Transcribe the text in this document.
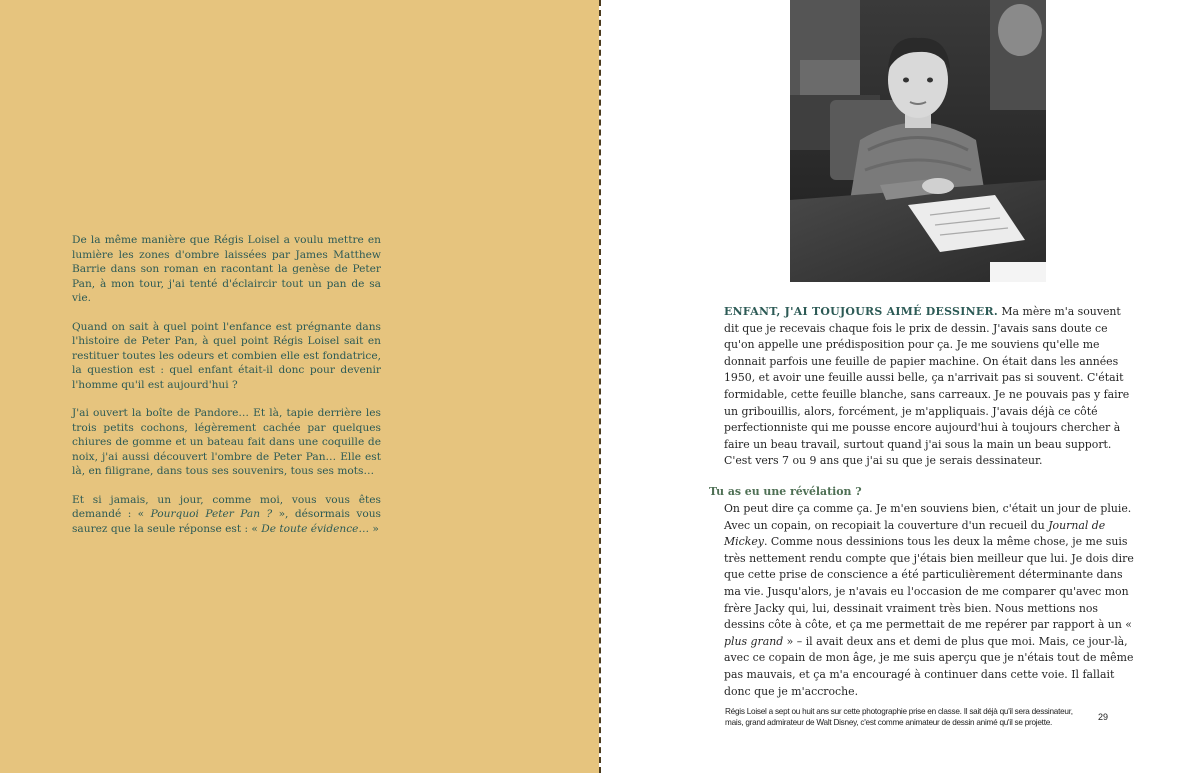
De la même manière que Régis Loisel a voulu mettre en lumière les zones d'ombre laissées par James Matthew Barrie dans son roman en racontant la genèse de Peter Pan, à mon tour, j'ai tenté d'éclaircir tout un pan de sa vie.

Quand on sait à quel point l'enfance est prégnante dans l'histoire de Peter Pan, à quel point Régis Loisel sait en restituer toutes les odeurs et combien elle est fondatrice, la question est : quel enfant était-il donc pour devenir l'homme qu'il est aujourd'hui ?

J'ai ouvert la boîte de Pandore… Et là, tapie derrière les trois petits cochons, légèrement cachée par quelques chiures de gomme et un bateau fait dans une coquille de noix, j'ai aussi découvert l'ombre de Peter Pan… Elle est là, en filigrane, dans tous ses souvenirs, tous ses mots…

Et si jamais, un jour, comme moi, vous vous êtes demandé : « Pourquoi Peter Pan ? », désormais vous saurez que la seule réponse est : « De toute évidence… »

ENFANT, J'AI TOUJOURS AIMÉ DESSINER. Ma mère m'a souvent dit que je recevais chaque fois le prix de dessin. J'avais sans doute ce qu'on appelle une prédisposition pour ça. Je me souviens qu'elle me donnait parfois une feuille de papier machine. On était dans les années 1950, et avoir une feuille aussi belle, ça n'arrivait pas si souvent. C'était formidable, cette feuille blanche, sans carreaux. Je ne pouvais pas y faire un gribouillis, alors, forcément, je m'appliquais. J'avais déjà ce côté perfectionniste qui me pousse encore aujourd'hui à toujours chercher à faire un beau travail, surtout quand j'ai sous la main un beau support. C'est vers 7 ou 9 ans que j'ai su que je serais dessinateur.
Tu as eu une révélation ?
On peut dire ça comme ça. Je m'en souviens bien, c'était un jour de pluie. Avec un copain, on recopiait la couverture d'un recueil du Journal de Mickey. Comme nous dessinions tous les deux la même chose, je me suis très nettement rendu compte que j'étais bien meilleur que lui. Je dois dire que cette prise de conscience a été particulièrement déterminante dans ma vie. Jusqu'alors, je n'avais eu l'occasion de me comparer qu'avec mon frère Jacky qui, lui, dessinait vraiment très bien. Nous mettions nos dessins côte à côte, et ça me permettait de me repérer par rapport à un « plus grand » – il avait deux ans et demi de plus que moi. Mais, ce jour-là, avec ce copain de mon âge, je me suis aperçu que je n'étais tout de même pas mauvais, et ça m'a encouragé à continuer dans cette voie. Il fallait donc que je m'accroche.
Régis Loisel a sept ou huit ans sur cette photographie prise en classe. Il sait déjà qu'il sera dessinateur,
mais, grand admirateur de Walt Disney, c'est comme animateur de dessin animé qu'il se projette.	29
